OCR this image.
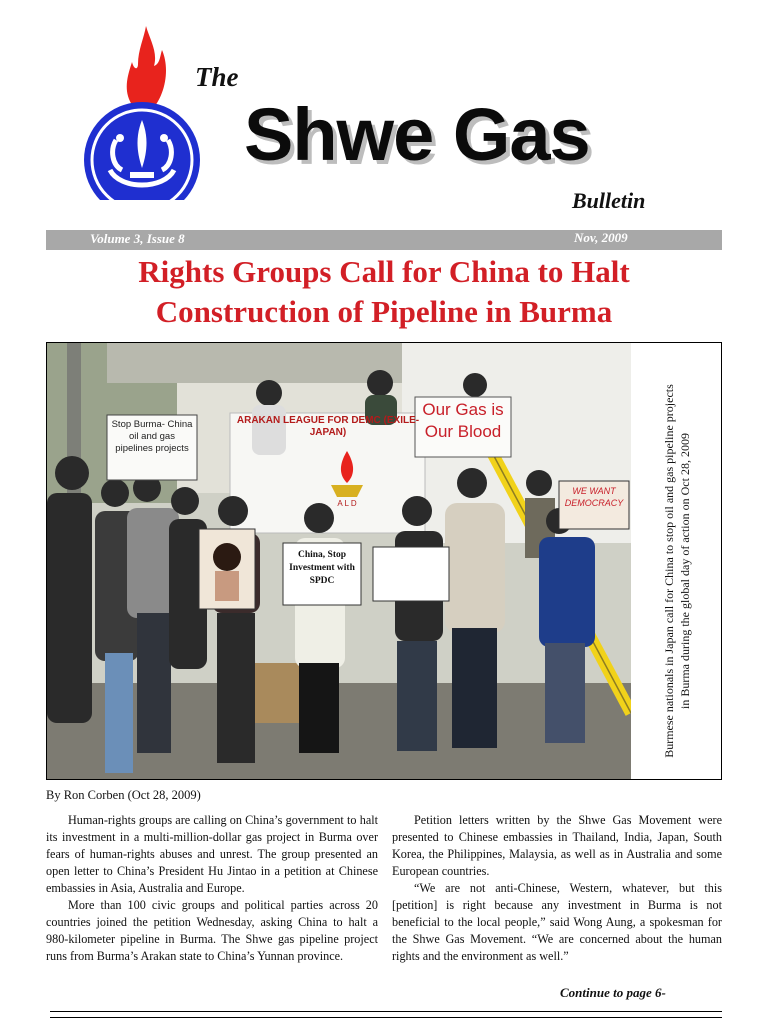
The
Shwe Gas
Bulletin
Volume 3, Issue 8	Nov, 2009
Rights Groups Call for China to Halt
Construction of Pipeline in Burma
Stop Burma- China oil and gas pipelines projects
ARAKAN LEAGUE FOR DEMC (EXILE-JAPAN)
A L D
Our Gas is Our Blood
China, Stop Investment with SPDC
WE WANT DEMOCRACY	Burmese nationals in Japan call for China to stop oil and gas pipeline projects in Burma during the global day of action on Oct 28, 2009
By Ron Corben (Oct 28, 2009)

Human-rights groups are calling on China’s government to halt its investment in a multi-million-dollar gas project in Burma over fears of human-rights abuses and unrest. The group presented an open letter to China’s President Hu Jintao in a petition at Chinese embassies in Asia, Australia and Europe.

More than 100 civic groups and political parties across 20 countries joined the petition Wednesday, asking China to halt a 980-kilometer pipeline in Burma. The Shwe gas pipeline project runs from Burma’s Arakan state to China’s Yunnan province.

Petition letters written by the Shwe Gas Movement were presented to Chinese embassies in Thailand, India, Japan, South Korea, the Philippines, Malaysia, as well as in Australia and some European countries.

“We are not anti-Chinese, Western, whatever, but this [petition] is right because any investment in Burma is not beneficial to the local people,” said Wong Aung, a spokesman for the Shwe Gas Movement. “We are concerned about the human rights and the environment as well.”

Continue to page 6-
